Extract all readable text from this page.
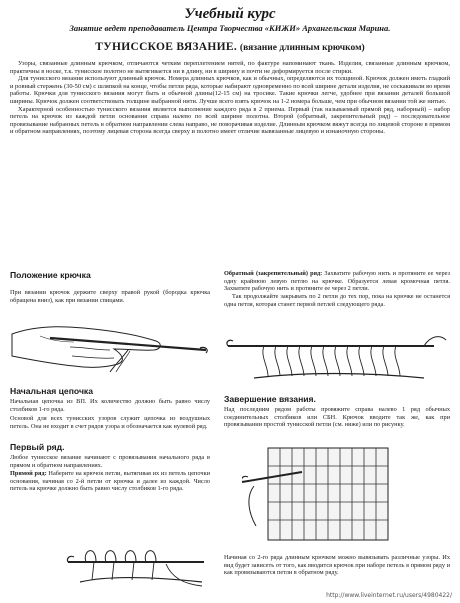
Учебный курс

Занятие ведет преподаватель Центра Творчества «КИЖИ» Архангельская Марина.

ТУНИССКОЕ ВЯЗАНИЕ. (вязание длинным крючком)

Узоры, связанные длинным крючком, отличаются четким переплетением нитей, по фактуре напоминают ткань. Изделия, связанные длинным крючком, практичны в носке, т.к. тунисское полотно не вытягивается ни в длину, ни в ширину и почти не деформируется после стирки.

Для тунисского вязания используют длинный крючок. Номера длинных крючков, как и обычных, определяются их толщиной. Крючок должен иметь гладкий и ровный стержень (30-50 см) с шляпкой на конце, чтобы петли ряда, которые набирают одновременно по всей ширине детали изделия, не соскакивали во время работы. Крючки для тунисского вязания могут быть и обычной длины(12-15 см) на тросике. Такие крючки легче, удобнее при вязании деталей большой ширины. Крючок должен соответствовать толщине выбранной нити. Лучше всего взять крючок на 1-2 номера больше, чем при обычном вязании той же нитью.

Характерной особенностью тунисского вязания является выполнение каждого ряда в 2 приема. Первый (так называемый прямой ряд, наборный) – набор петель на крючок из каждой петли основания справа налево по всей ширине полотна. Второй (обратный, закрепительный ряд) – последовательное провязывание набранных петель в обратном направлении слева направо, не поворачивая изделие. Длинным крючком вяжут всегда по лицевой стороне в прямом и обратном направлениях, поэтому лицевая сторона всегда сверху и полотно имеет отличие вывязанные лицевую и изнаночную стороны.

Положение крючка

При вязании крючок держите сверху правой рукой (бородка крючка обращена вниз), как при вязании спицами.

Начальная цепочка

Начальная цепочка из ВП. Их количество должно быть равно числу столбиков 1-го ряда.

Основой для всех тунисских узоров служит цепочка из воздушных петель. Она не входит в счет рядов узора и обозначается как нулевой ряд.

Первый ряд.

Любое тунисское вязание начинают с провязывания начального ряда в прямом и обратном направлениях.

Прямой ряд: Наберите на крючок петли, вытягивая их из петель цепочки основания, начиная со 2-й петли от крючка и далее из каждой. Число петель на крючке должно быть равно числу столбиков 1-го ряда.

Обратный (закрепительный) ряд: Захватите рабочую нить и протяните ее через одну крайнюю левую петлю на крючке. Образуется левая кромочная петля. Захватите рабочую нить и протяните ее через 2 петли.

Так продолжайте закрывать по 2 петли до тех пор, пока на крючке не останется одна петля, которая станет первой петлей следующего ряда.

Завершение вязания.

Над последним рядом работы провяжите справа налево 1 ряд обычных соединительных столбиков или СБН. Крючок вводите так же, как при провязывании простой тунисской петли (см. ниже) или по рисунку.

Начиная со 2-го ряда длинным крючком можно вывязывать различные узоры. Их вид будет зависеть от того, как вводится крючок при наборе петель в прямом ряду и как провязываются петли в обратном ряду.

http://www.liveinternet.ru/users/4980422/
